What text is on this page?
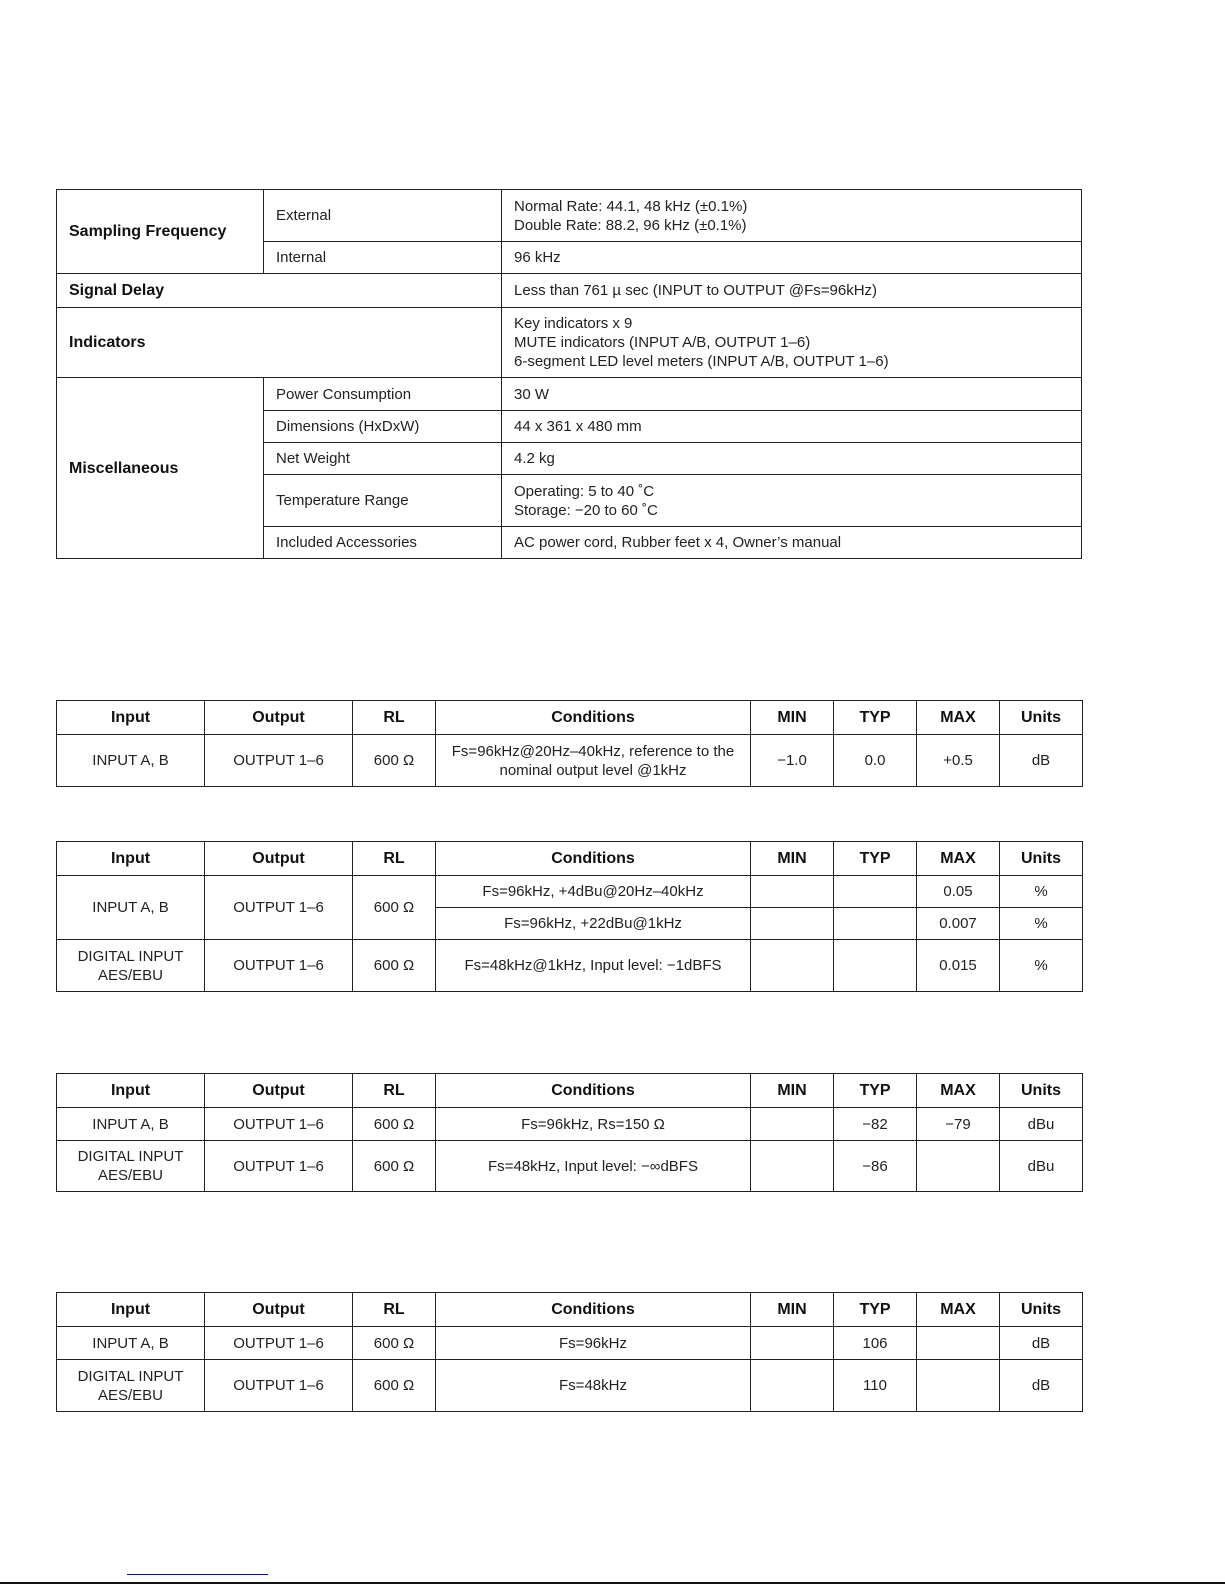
Sampling Frequency	External	Normal Rate: 44.1, 48 kHz (±0.1%)
Double Rate: 88.2, 96 kHz (±0.1%)

	Internal	96 kHz
Signal Delay		Less than 761 µ sec (INPUT to OUTPUT @Fs=96kHz)
Indicators		Key indicators x 9
MUTE indicators (INPUT A/B, OUTPUT 1–6)
6-segment LED level meters (INPUT A/B, OUTPUT 1–6)

Miscellaneous	Power Consumption	30 W

	Dimensions (HxDxW)	44 x 361 x 480 mm

	Net Weight	4.2 kg

	Temperature Range	Operating: 5 to 40 ˚C
Storage: −20 to 60 ˚C

	Included Accessories	AC power cord, Rubber feet x 4, Owner’s manual
Input	Output	RL	Conditions	MIN	TYP	MAX	Units
INPUT A, B	OUTPUT 1–6	600 Ω	Fs=96kHz@20Hz–40kHz, reference to the nominal output level @1kHz	−1.0	0.0	+0.5	dB
Input	Output	RL	Conditions	MIN	TYP	MAX	Units
INPUT A, B	OUTPUT 1–6	600 Ω	Fs=96kHz, +4dBu@20Hz–40kHz			0.05	%
			Fs=96kHz, +22dBu@1kHz			0.007	%
DIGITAL INPUT AES/EBU	OUTPUT 1–6	600 Ω	Fs=48kHz@1kHz, Input level: −1dBFS			0.015	%
Input	Output	RL	Conditions	MIN	TYP	MAX	Units
INPUT A, B	OUTPUT 1–6	600 Ω	Fs=96kHz, Rs=150 Ω		−82	−79	dBu
DIGITAL INPUT AES/EBU	OUTPUT 1–6	600 Ω	Fs=48kHz, Input level: −∞dBFS		−86		dBu
Input	Output	RL	Conditions	MIN	TYP	MAX	Units
INPUT A, B	OUTPUT 1–6	600 Ω	Fs=96kHz		106		dB
DIGITAL INPUT AES/EBU	OUTPUT 1–6	600 Ω	Fs=48kHz		110		dB
